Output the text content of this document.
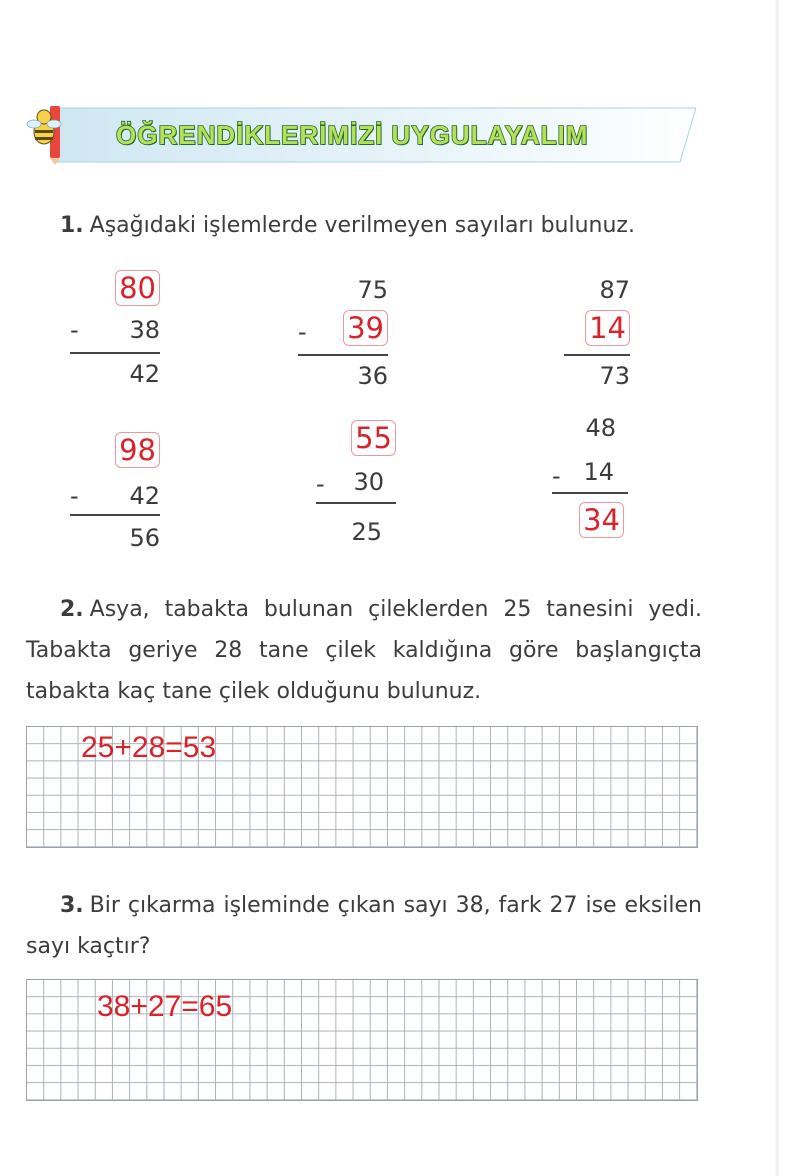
ÖĞRENDİKLERİMİZİ UYGULAYALIM
1. Aşağıdaki işlemlerde verilmeyen sayıları bulunuz.
80
- 38
42
75
- 39
36
87
14
73
98
- 42
56
55
- 30
25
48
- 14
34
2. Asya, tabakta bulunan çileklerden 25 tanesini yedi. Tabakta geriye 28 tane çilek kaldığına göre başlangıçta tabakta kaç tane çilek olduğunu bulunuz.
25+28=53
3. Bir çıkarma işleminde çıkan sayı 38, fark 27 ise eksilen sayı kaçtır?
38+27=65
